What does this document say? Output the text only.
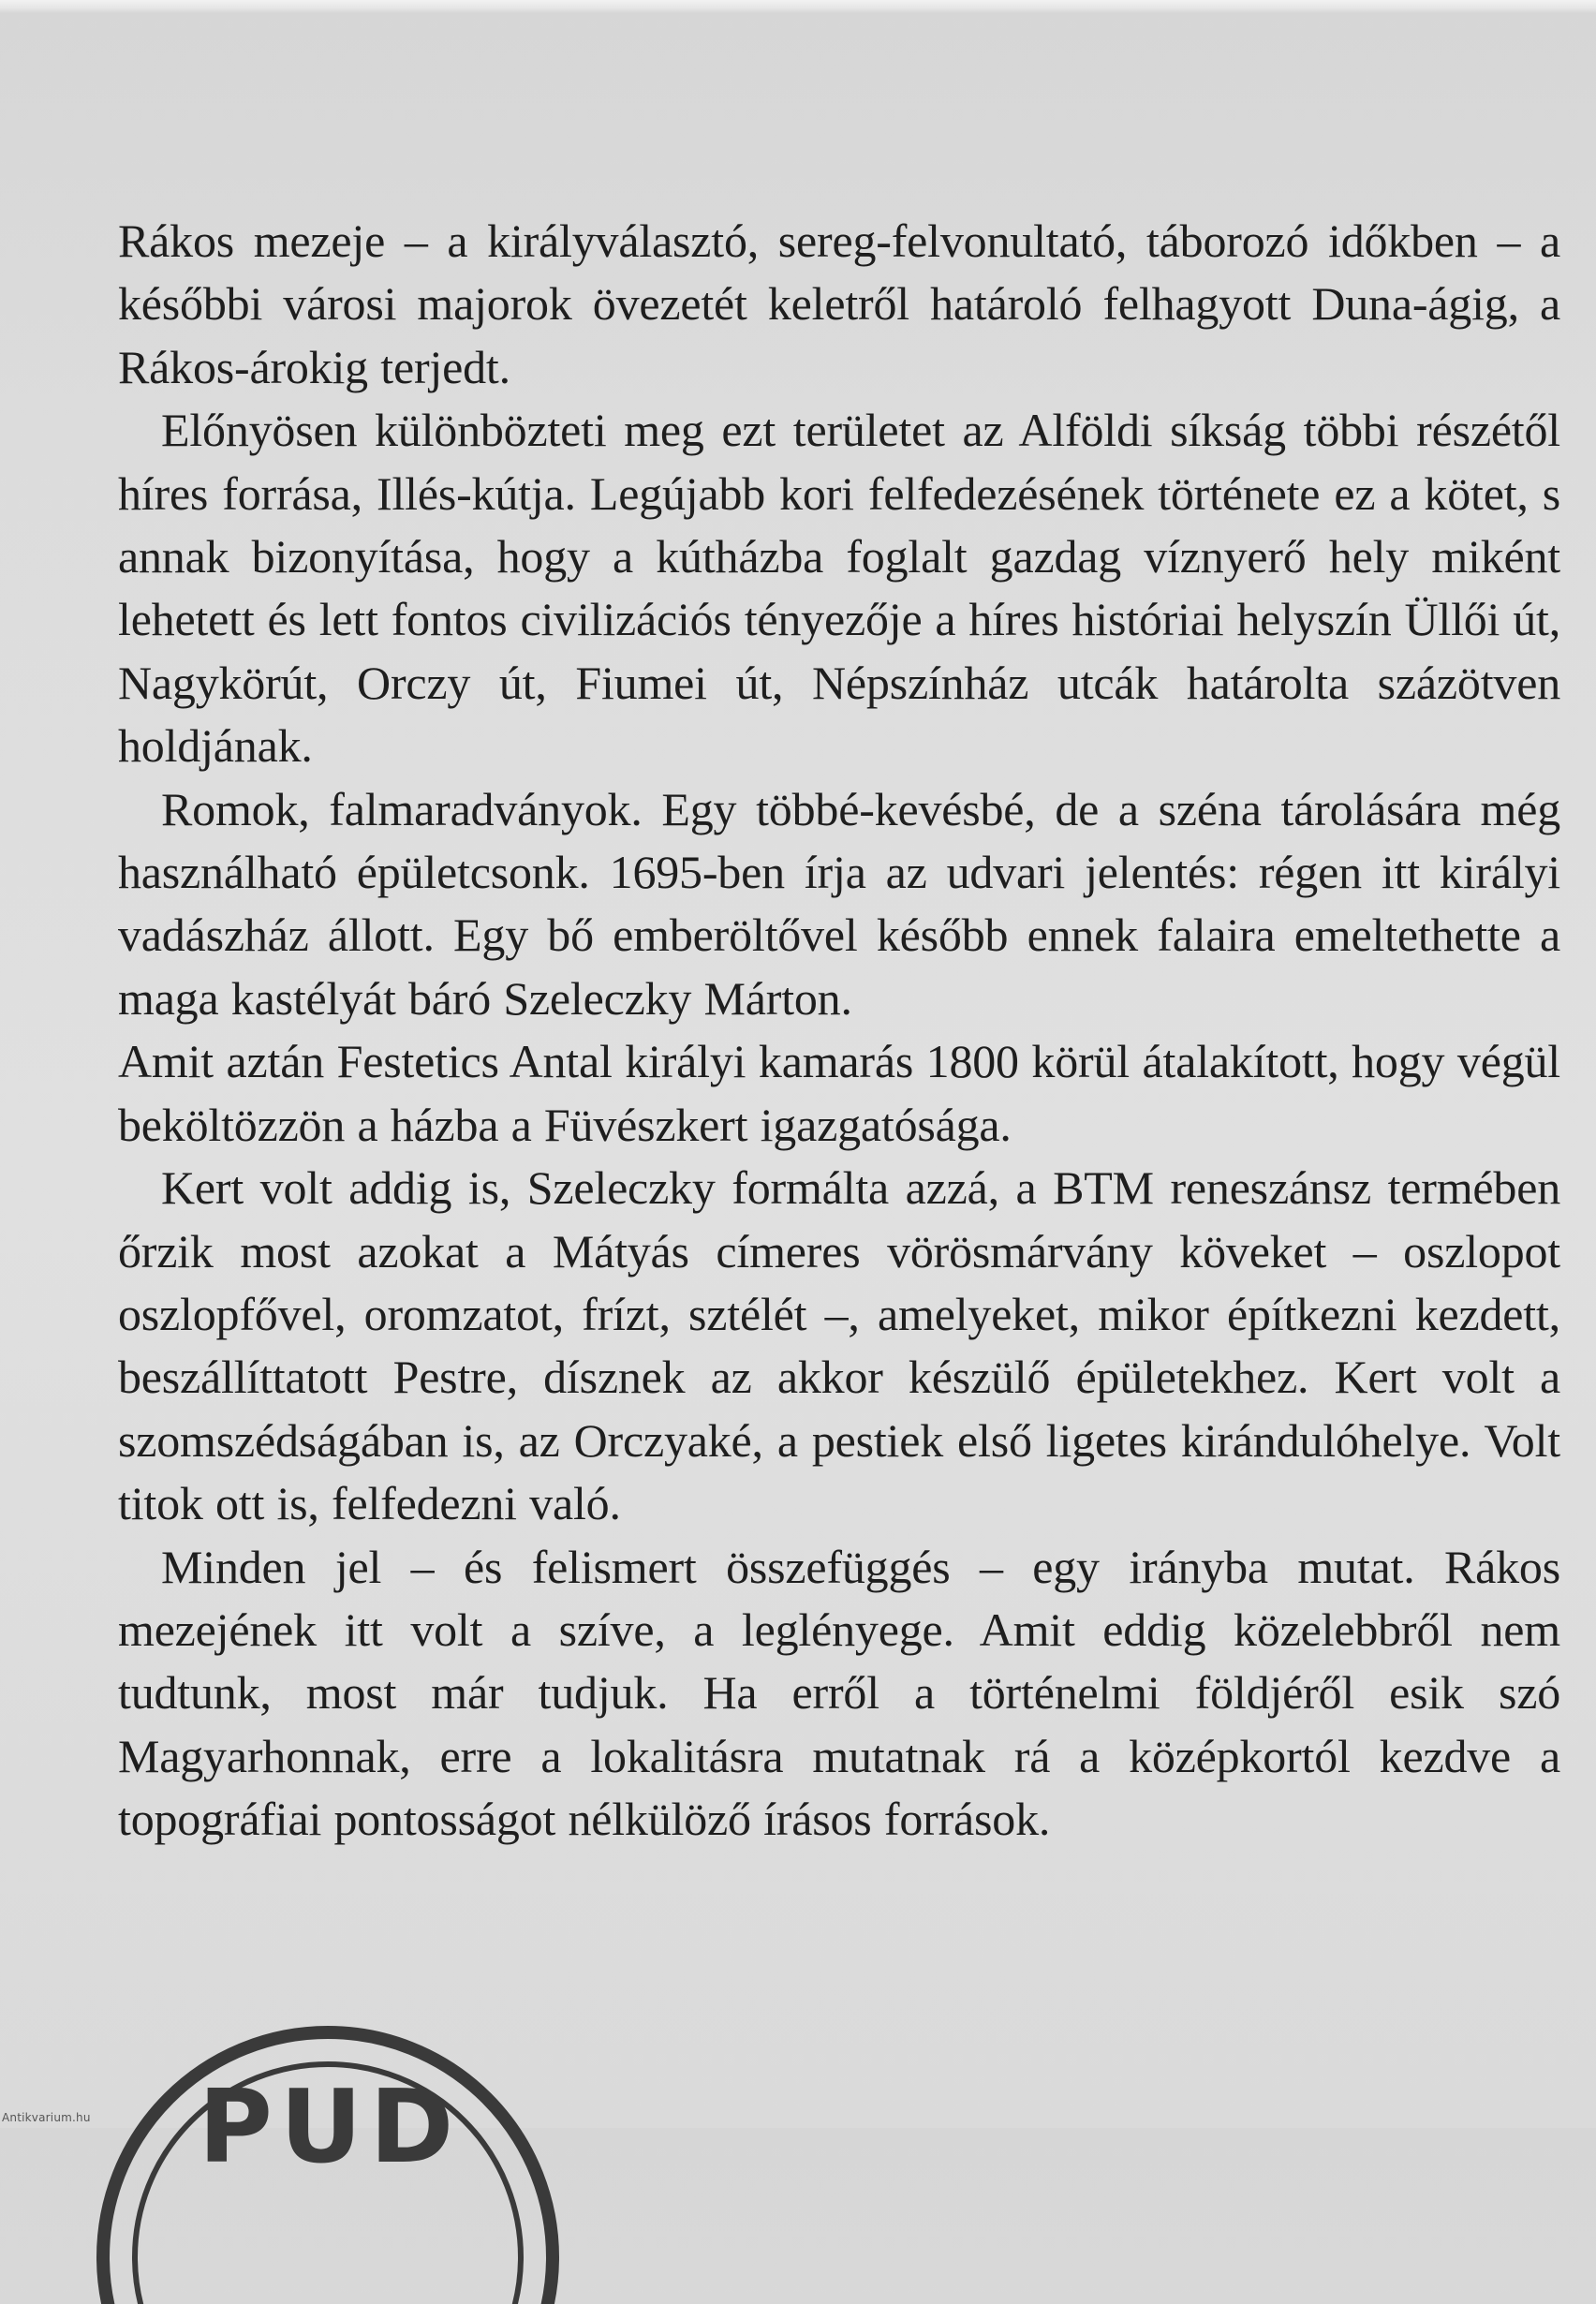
Rákos mezeje – a királyválasztó, sereg-felvonultató, táborozó időkben – a későbbi városi majorok övezetét keletről határoló felhagyott Duna-ágig, a Rákos-árokig terjedt.

Előnyösen különbözteti meg ezt területet az Alföldi síkság többi részétől híres forrása, Illés-kútja. Legújabb kori felfedezésének története ez a kötet, s annak bizonyítása, hogy a kútházba foglalt gazdag víznyerő hely miként lehetett és lett fontos civilizációs tényezője a híres históriai helyszín Üllői út, Nagykörút, Orczy út, Fiumei út, Népszínház utcák határolta százötven holdjának.

Romok, falmaradványok. Egy többé-kevésbé, de a széna tárolására még használható épületcsonk. 1695-ben írja az udvari jelentés: régen itt királyi vadászház állott. Egy bő emberöltővel később ennek falaira emeltethette a maga kastélyát báró Szeleczky Márton.

Amit aztán Festetics Antal királyi kamarás 1800 körül átalakított, hogy végül beköltözzön a házba a Füvészkert igazgatósága.

Kert volt addig is, Szeleczky formálta azzá, a BTM reneszánsz termében őrzik most azokat a Mátyás címeres vörösmárvány köveket – oszlopot oszlopfővel, oromzatot, frízt, sztélét –, amelyeket, mikor építkezni kezdett, beszállíttatott Pestre, dísznek az akkor készülő épületekhez. Kert volt a szomszédságában is, az Orczyaké, a pestiek első ligetes kirándulóhelye. Volt titok ott is, felfedezni való.

Minden jel – és felismert összefüggés – egy irányba mutat. Rákos mezejének itt volt a szíve, a leglényege. Amit eddig közelebbről nem tudtunk, most már tudjuk. Ha erről a történelmi földjéről esik szó Magyarhonnak, erre a lokalitásra mutatnak rá a középkortól kezdve a topográfiai pontosságot nélkülöző írásos források.

PUD
Antikvarium.hu
